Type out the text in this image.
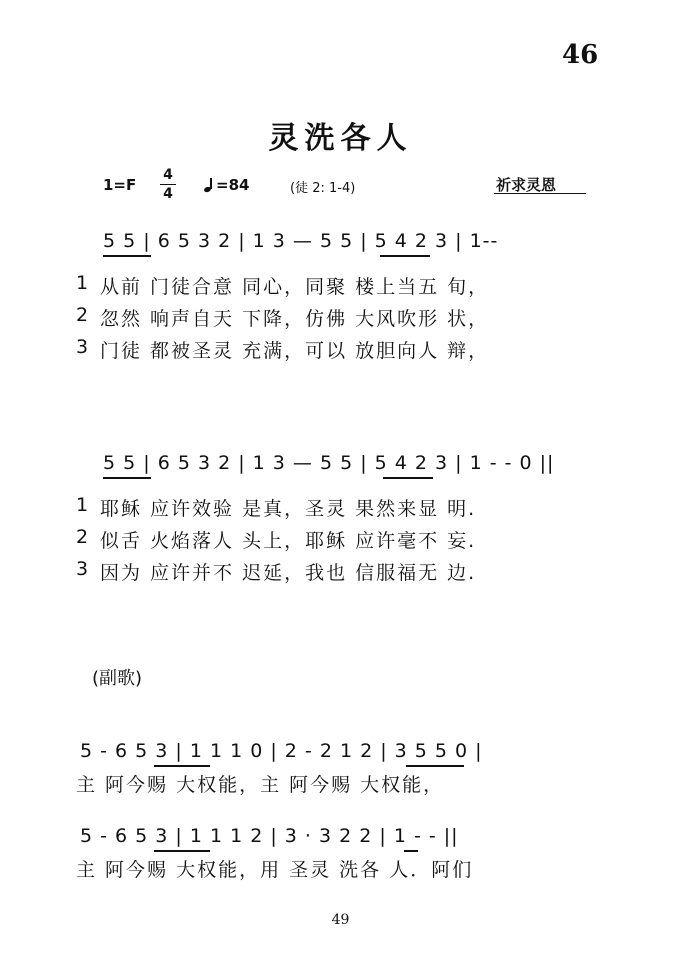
46
灵洗各人
1=F
4
4	=84	(徒 2: 1-4)	祈求灵恩
5 5 | 6 5 3 2 | 1 3 — 5 5 | 5 4 2 3 | 1--
1 从前 门徒合意 同心，同聚 楼上当五 旬，
2 忽然 响声自天 下降，仿佛 大风吹形 状，
3 门徒 都被圣灵 充满，可以 放胆向人 辩，
5 5 | 6 5 3 2 | 1 3 — 5 5 | 5 4 2 3 | 1 - - 0 ||
1 耶稣 应许效验 是真，圣灵 果然来显 明.
2 似舌 火焰落人 头上，耶稣 应许毫不 妄.
3 因为 应许并不 迟延，我也 信服福无 边.
(副歌)
5 - 6 5 3 | 1 1 1 0 | 2 - 2 1 2 | 3 5 5 0 |
主 阿今赐 大权能，主 阿今赐 大权能，
5 - 6 5 3 | 1 1 1 2 | 3 · 3 2 2 | 1 - - ||
主 阿今赐 大权能，用 圣灵 洗各 人．阿们
49
